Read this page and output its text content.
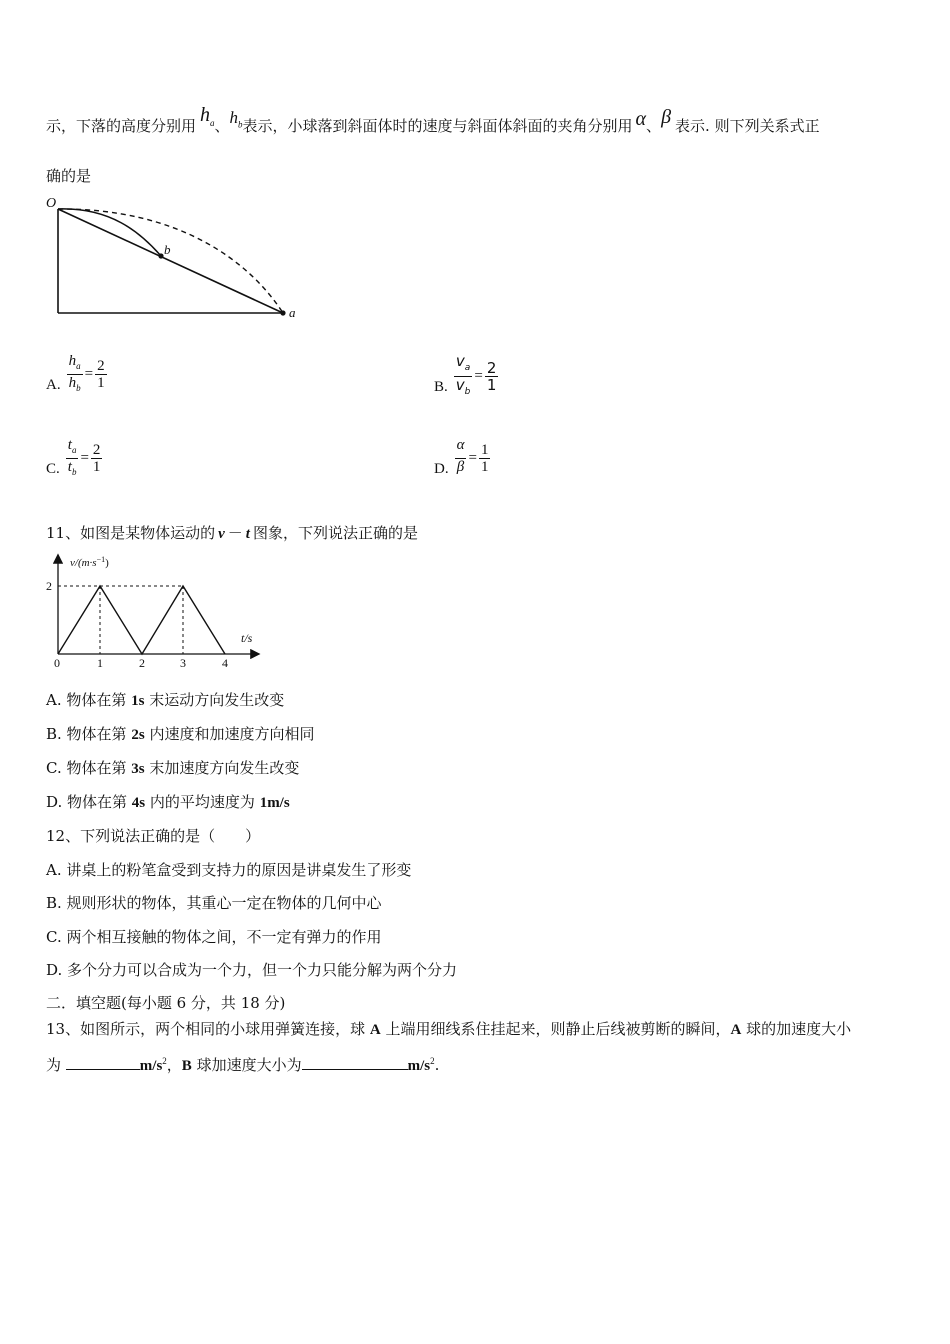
示，下落的高度分别用 $h_a$、$h_b$表示，小球落到斜面体时的速度与斜面体斜面的夹角分别用 α、β 表示. 则下列关系式正
确的是
O
b
a
A. $\frac{h_a}{h_b} = \frac{2}{1}$	B. $\frac{v_a}{v_b} = \frac{2}{1}$
C. $\frac{t_a}{t_b} = \frac{2}{1}$	D. $\frac{\alpha}{\beta} = \frac{1}{1}$
11、如图是某物体运动的 v － t 图象，下列说法正确的是
$v/(m\cdot s^{-1})$
t/s
2
0	1	2	3	4
A. 物体在第 1s 末运动方向发生改变
B. 物体在第 2s 内速度和加速度方向相同
C. 物体在第 3s 末加速度方向发生改变
D. 物体在第 4s 内的平均速度为 1m/s
12、下列说法正确的是（　　）
A. 讲桌上的粉笔盒受到支持力的原因是讲桌发生了形变
B. 规则形状的物体，其重心一定在物体的几何中心
C. 两个相互接触的物体之间，不一定有弹力的作用
D. 多个分力可以合成为一个力，但一个力只能分解为两个分力
二．填空题(每小题 6 分，共 18 分)
13、如图所示，两个相同的小球用弹簧连接，球 A 上端用细线系住挂起来，则静止后线被剪断的瞬间，A 球的加速度大小
为	$m/s^2$，B 球加速度大小为	$m/s^2$.
